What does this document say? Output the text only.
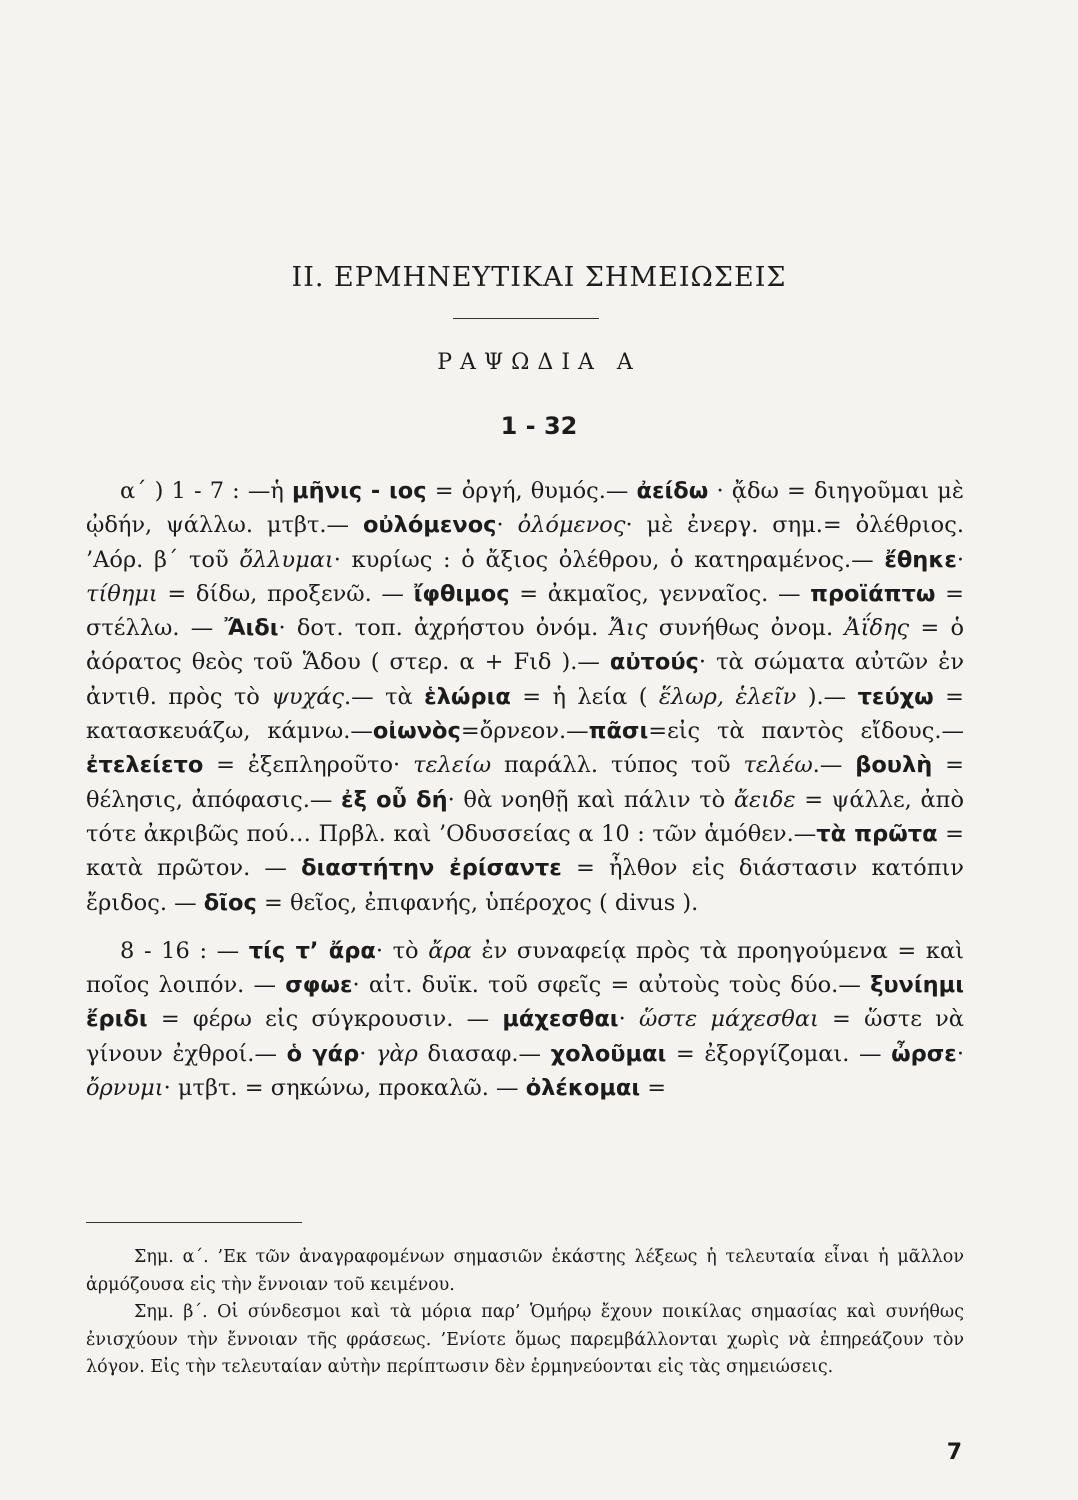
ΙΙ. ΕΡΜΗΝΕΥΤΙΚΑΙ ΣΗΜΕΙΩΣΕΙΣ
ΡΑΨΩΔΙΑ Α
1 - 32

α΄ ) 1 - 7 : —ἡ μῆνις - ιος = ὀργή, θυμός.— ἀείδω · ᾄδω = διηγοῦμαι μὲ ᾠδήν, ψάλλω. μτβτ.— οὐλόμενος· ὀλόμενος· μὲ ἐνεργ. σημ.= ὀλέθριος. ’Αόρ. β΄ τοῦ ὄλλυμαι· κυρίως : ὁ ἄξιος ὀλέθρου, ὁ κατηραμένος.— ἔθηκε· τίθημι = δίδω, προξενῶ. — ἴφθιμος = ἀκμαῖος, γενναῖος. — προϊάπτω = στέλλω. — Ἄιδι· δοτ. τοπ. ἀχρήστου ὀνόμ. Ἄις συνήθως ὀνομ. Ἀΐδης = ὁ ἀόρατος θεὸς τοῦ Ἅδου ( στερ. α + Fιδ ).— αὐτούς· τὰ σώματα αὐτῶν ἐν ἀντιθ. πρὸς τὸ ψυχάς.— τὰ ἑλώρια = ἡ λεία ( ἕλωρ, ἑλεῖν ).— τεύχω = κατασκευάζω, κάμνω.—οἰωνὸς=ὄρνεον.—πᾶσι=εἰς τὰ παντὸς εἴδους.— ἐτελείετο = ἐξεπληροῦτο· τελείω παράλλ. τύπος τοῦ τελέω.— βουλὴ = θέλησις, ἀπόφασις.— ἐξ οὗ δή· θὰ νοηθῇ καὶ πάλιν τὸ ἄειδε = ψάλλε, ἀπὸ τότε ἀκριβῶς πού… Πρβλ. καὶ ’Οδυσσείας α 10 : τῶν ἁμόθεν.—τὰ πρῶτα = κατὰ πρῶτον. — διαστήτην ἐρίσαντε = ἦλθον εἰς διάστασιν κατόπιν ἔριδος. — δῖος = θεῖος, ἐπιφανής, ὑπέροχος ( divus ).

8 - 16 : — τίς τ’ ἄρα· τὸ ἄρα ἐν συναφείᾳ πρὸς τὰ προηγούμενα = καὶ ποῖος λοιπόν. — σφωε· αἰτ. δυϊκ. τοῦ σφεῖς = αὐτοὺς τοὺς δύο.— ξυνίημι ἔριδι = φέρω εἰς σύγκρουσιν. — μάχεσθαι· ὥστε μάχεσθαι = ὥστε νὰ γίνουν ἐχθροί.— ὁ γάρ· γὰρ διασαφ.— χολοῦμαι = ἐξοργίζομαι. — ὦρσε· ὄρνυμι· μτβτ. = σηκώνω, προκαλῶ. — ὀλέκομαι =

Σημ. α΄. ’Εκ τῶν ἀναγραφομένων σημασιῶν ἑκάστης λέξεως ἡ τελευταία εἶναι ἡ μᾶλλον ἁρμόζουσα εἰς τὴν ἔννοιαν τοῦ κειμένου.

Σημ. β΄. Οἱ σύνδεσμοι καὶ τὰ μόρια παρ’ Ὁμήρῳ ἔχουν ποικίλας σημασίας καὶ συνήθως ἐνισχύουν τὴν ἔννοιαν τῆς φράσεως. ’Ενίοτε ὅμως παρεμβάλλονται χωρὶς νὰ ἐπηρεάζουν τὸν λόγον. Εἰς τὴν τελευταίαν αὐτὴν περίπτωσιν δὲν ἑρμηνεύονται εἰς τὰς σημειώσεις.

7
